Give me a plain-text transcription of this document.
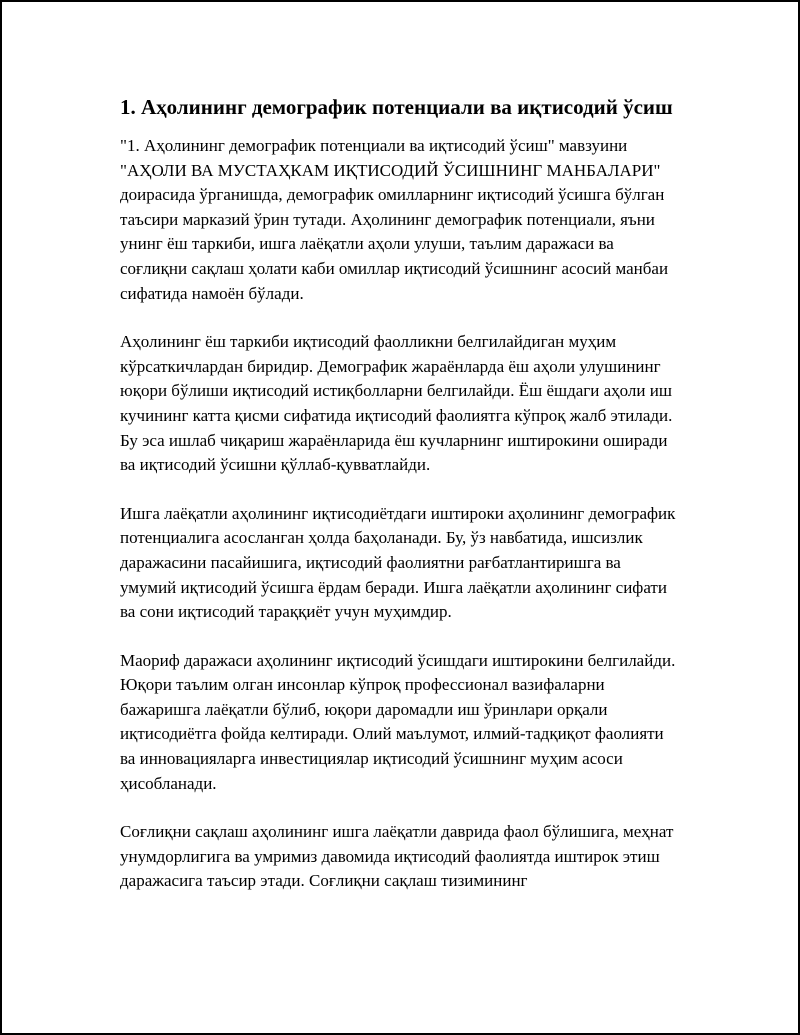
1. Аҳолининг демографик потенциали ва иқтисодий ўсиш

"1. Аҳолининг демографик потенциали ва иқтисодий ўсиш" мавзуини "АҲОЛИ ВА МУСТАҲКАМ ИҚТИСОДИЙ ЎСИШНИНГ МАНБАЛАРИ" доирасида ўрганишда, демографик омилларнинг иқтисодий ўсишга бўлган таъсири марказий ўрин тутади. Аҳолининг демографик потенциали, яъни унинг ёш таркиби, ишга лаёқатли аҳоли улуши, таълим даражаси ва соғлиқни сақлаш ҳолати каби омиллар иқтисодий ўсишнинг асосий манбаи сифатида намоён бўлади.

Аҳолининг ёш таркиби иқтисодий фаолликни белгилайдиган муҳим кўрсаткичлардан биридир. Демографик жараёнларда ёш аҳоли улушининг юқори бўлиши иқтисодий истиқболларни белгилайди. Ёш ёшдаги аҳоли иш кучининг катта қисми сифатида иқтисодий фаолиятга кўпроқ жалб этилади. Бу эса ишлаб чиқариш жараёнларида ёш кучларнинг иштирокини оширади ва иқтисодий ўсишни қўллаб-қувватлайди.

Ишга лаёқатли аҳолининг иқтисодиётдаги иштироки аҳолининг демографик потенциалига асосланган ҳолда баҳоланади. Бу, ўз навбатида, ишсизлик даражасини пасайишига, иқтисодий фаолиятни рағбатлантиришга ва умумий иқтисодий ўсишга ёрдам беради. Ишга лаёқатли аҳолининг сифати ва сони иқтисодий тараққиёт учун муҳимдир.

Маориф даражаси аҳолининг иқтисодий ўсишдаги иштирокини белгилайди. Юқори таълим олган инсонлар кўпроқ профессионал вазифаларни бажаришга лаёқатли бўлиб, юқори даромадли иш ўринлари орқали иқтисодиётга фойда келтиради. Олий маълумот, илмий-тадқиқот фаолияти ва инновацияларга инвестициялар иқтисодий ўсишнинг муҳим асоси ҳисобланади.

Соғлиқни сақлаш аҳолининг ишга лаёқатли даврида фаол бўлишига, меҳнат унумдорлигига ва умримиз давомида иқтисодий фаолиятда иштирок этиш даражасига таъсир этади. Соғлиқни сақлаш тизимининг
